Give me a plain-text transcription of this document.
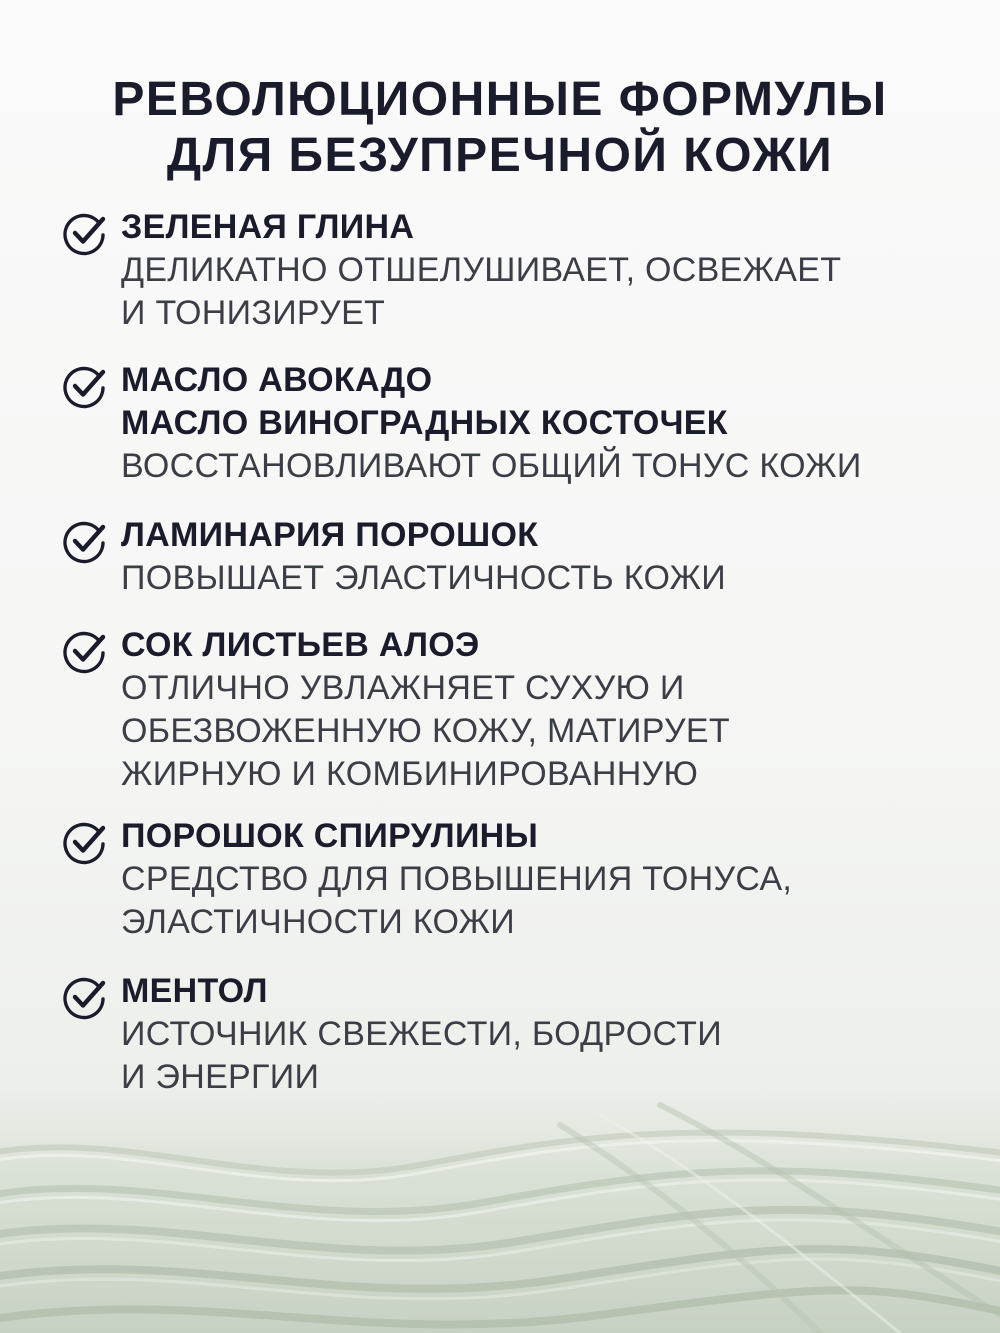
РЕВОЛЮЦИОННЫЕ ФОРМУЛЫ
ДЛЯ БЕЗУПРЕЧНОЙ КОЖИ
ЗЕЛЕНАЯ ГЛИНА
ДЕЛИКАТНО ОТШЕЛУШИВАЕТ, ОСВЕЖАЕТ
И ТОНИЗИРУЕТ
МАСЛО АВОКАДО
МАСЛО ВИНОГРАДНЫХ КОСТОЧЕК
ВОССТАНОВЛИВАЮТ ОБЩИЙ ТОНУС КОЖИ
ЛАМИНАРИЯ ПОРОШОК
ПОВЫШАЕТ ЭЛАСТИЧНОСТЬ КОЖИ
СОК ЛИСТЬЕВ АЛОЭ
ОТЛИЧНО УВЛАЖНЯЕТ СУХУЮ И
ОБЕЗВОЖЕННУЮ КОЖУ, МАТИРУЕТ
ЖИРНУЮ И КОМБИНИРОВАННУЮ
ПОРОШОК СПИРУЛИНЫ
СРЕДСТВО ДЛЯ ПОВЫШЕНИЯ ТОНУСА,
ЭЛАСТИЧНОСТИ КОЖИ
МЕНТОЛ
ИСТОЧНИК СВЕЖЕСТИ, БОДРОСТИ
И ЭНЕРГИИ
